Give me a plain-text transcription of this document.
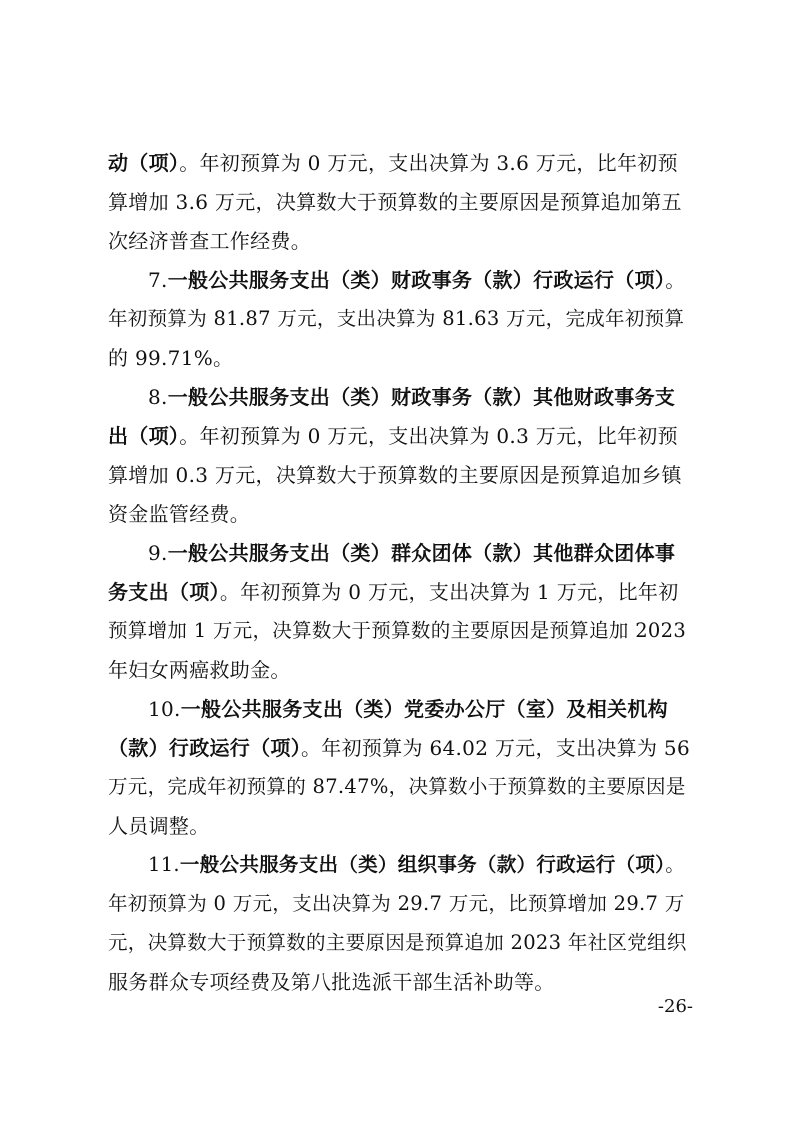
动（项）。年初预算为 0 万元，支出决算为 3.6 万元，比年初预
算增加 3.6 万元，决算数大于预算数的主要原因是预算追加第五
次经济普查工作经费。
7.一般公共服务支出（类）财政事务（款）行政运行（项）。
年初预算为 81.87 万元，支出决算为 81.63 万元，完成年初预算
的 99.71%。
8.一般公共服务支出（类）财政事务（款）其他财政事务支
出（项）。年初预算为 0 万元，支出决算为 0.3 万元，比年初预
算增加 0.3 万元，决算数大于预算数的主要原因是预算追加乡镇
资金监管经费。
9.一般公共服务支出（类）群众团体（款）其他群众团体事
务支出（项）。年初预算为 0 万元，支出决算为 1 万元，比年初
预算增加 1 万元，决算数大于预算数的主要原因是预算追加 2023
年妇女两癌救助金。
10.一般公共服务支出（类）党委办公厅（室）及相关机构
（款）行政运行（项）。年初预算为 64.02 万元，支出决算为 56
万元，完成年初预算的 87.47%，决算数小于预算数的主要原因是
人员调整。
11.一般公共服务支出（类）组织事务（款）行政运行（项）。
年初预算为 0 万元，支出决算为 29.7 万元，比预算增加 29.7 万
元，决算数大于预算数的主要原因是预算追加 2023 年社区党组织
服务群众专项经费及第八批选派干部生活补助等。
-26-
